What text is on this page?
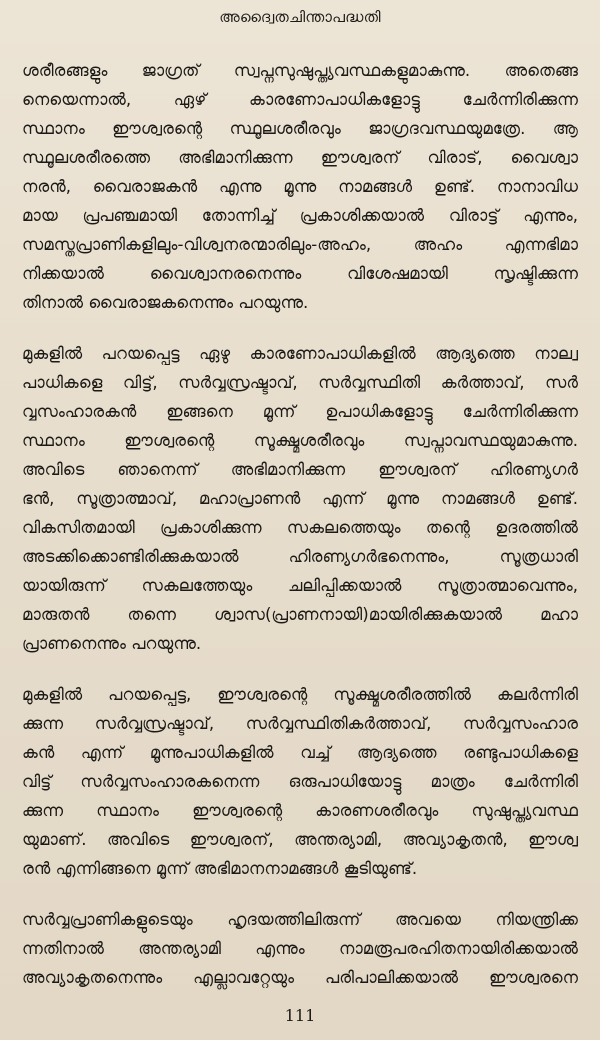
അദ്വൈതചിന്താപദ്ധതി
ശരീരങ്ങളും ജാഗ്രത് സ്വപ്നസുഷുപ്ത്യവസ്ഥകളുമാകുന്നു. അതെങ്ങ
നെയെന്നാൽ, ഏഴ് കാരണോപാധികളോട്ടു ചേർന്നിരിക്കുന്ന
സ്ഥാനം ഈശ്വരന്റെ സ്ഥൂലശരീരവും ജാഗ്രദവസ്ഥയുമത്രേ. ആ
സ്ഥൂലശരീരത്തെ അഭിമാനിക്കുന്ന ഈശ്വരന് വിരാട്, വൈശ്വാ
നരൻ, വൈരാജകൻ എന്നു മൂന്നു നാമങ്ങൾ ഉണ്ട്. നാനാവിധ
മായ പ്രപഞ്ചമായി തോന്നിച്ച് പ്രകാശിക്കയാൽ വിരാട്ട് എന്നും,
സമസ്തപ്രാണികളിലും-വിശ്വനരന്മാരിലും-അഹം, അഹം എന്നഭിമാ
നിക്കയാൽ വൈശ്വാനരനെന്നും വിശേഷമായി സൃഷ്ടിക്കുന്ന
തിനാൽ വൈരാജകനെന്നും പറയുന്നു.
മുകളിൽ പറയപ്പെട്ട ഏഴു കാരണോപാധികളിൽ ആദ്യത്തെ നാല്വ
പാധികളെ വിട്ട്, സർവ്വസ്രഷ്ടാവ്, സർവ്വസ്ഥിതി കർത്താവ്, സർ
വ്വസംഹാരകൻ ഇങ്ങനെ മൂന്ന് ഉപാധികളോട്ടു ചേർന്നിരിക്കുന്ന
സ്ഥാനം ഈശ്വരന്റെ സൂക്ഷ്മശരീരവും സ്വപ്നാവസ്ഥയുമാകുന്നു.
അവിടെ ഞാനെന്ന് അഭിമാനിക്കുന്ന ഈശ്വരന് ഹിരണ്യഗർ
ഭൻ, സൂത്രാത്മാവ്, മഹാപ്രാണൻ എന്ന് മൂന്നു നാമങ്ങൾ ഉണ്ട്.
വികസിതമായി പ്രകാശിക്കുന്ന സകലത്തെയും തന്റെ ഉദരത്തിൽ
അടക്കിക്കൊണ്ടിരിക്കുകയാൽ ഹിരണ്യഗർഭനെന്നും, സൂത്രധാരി
യായിരുന്ന് സകലത്തേയും ചലിപ്പിക്കയാൽ സൂത്രാത്മാവെന്നും,
മാരുതൻ തന്നെ ശ്വാസ(പ്രാണനായി)മായിരിക്കുകയാൽ മഹാ
പ്രാണനെന്നും പറയുന്നു.
മുകളിൽ പറയപ്പെട്ട, ഈശ്വരന്റെ സൂക്ഷ്മശരീരത്തിൽ കലർന്നിരി
ക്കുന്ന സർവ്വസ്രഷ്ടാവ്, സർവ്വസ്ഥിതികർത്താവ്, സർവ്വസംഹാര
കൻ എന്ന് മൂന്നുപാധികളിൽ വച്ച് ആദ്യത്തെ രണ്ടുപാധികളെ
വിട്ട് സർവ്വസംഹാരകനെന്ന ഒരുപാധിയോട്ടു മാത്രം ചേർന്നിരി
ക്കുന്ന സ്ഥാനം ഈശ്വരന്റെ കാരണശരീരവും സുഷുപ്ത്യവസ്ഥ
യുമാണ്. അവിടെ ഈശ്വരന്, അന്തര്യാമി, അവ്യാകൃതൻ, ഈശ്വ
രൻ എന്നിങ്ങനെ മൂന്ന് അഭിമാനനാമങ്ങൾ കൂടിയുണ്ട്.
സർവ്വപ്രാണികളുടെയും ഹൃദയത്തിലിരുന്ന് അവയെ നിയന്ത്രിക്ക
ന്നതിനാൽ അന്തര്യാമി എന്നും നാമരൂപരഹിതനായിരിക്കയാൽ
അവ്യാകൃതനെന്നും എല്ലാവറ്റേയും പരിപാലിക്കയാൽ ഈശ്വരനെ
111
